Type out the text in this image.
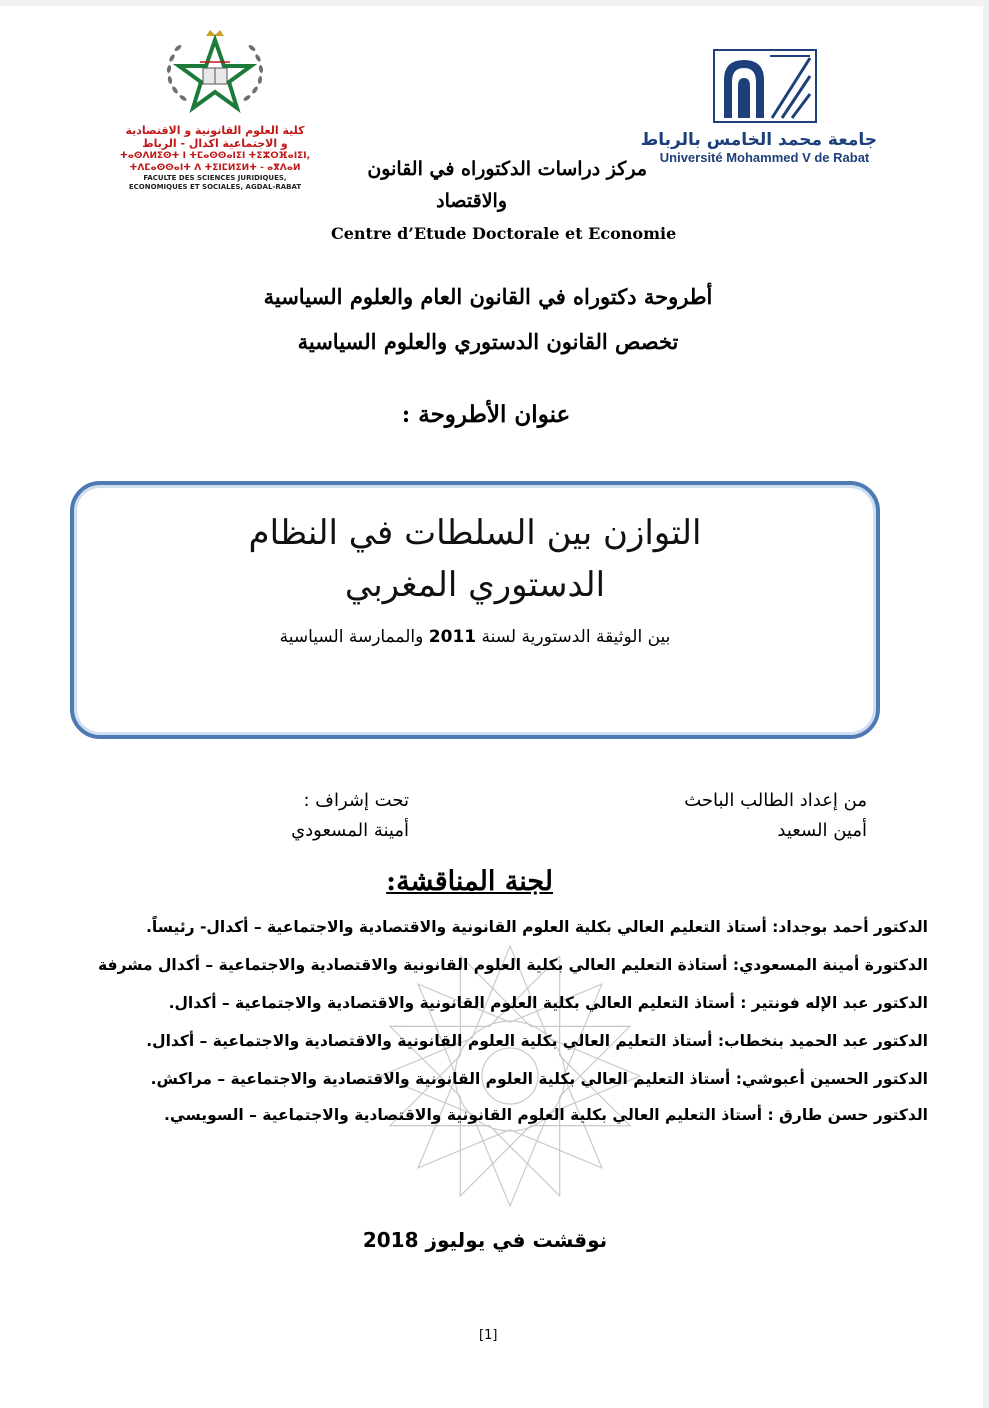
كلية العلوم القانونية و الاقتصادية
و الاجتماعية اكدال - الرباط
ⵜⴰⵙⴷⵍⵉⵙⵜ ⵏ ⵜⵎⴰⵙⵙⴰⵏⵉⵏ ⵜⵉⵣⵔⴼⴰⵏⵉⵏ,
ⵜⴷⵎⴰⵙⵙⴰⵏⵜ ⴷ ⵜⵉⵏⵎⵍⵉⵍⵜ - ⴰⴳⴷⴰⵍ
FACULTE DES SCIENCES JURIDIQUES,
ECONOMIQUES ET SOCIALES, AGDAL-RABAT
جامعة محمد الخامس بالرباط
Université Mohammed V de Rabat
مركز دراسات الدكتوراه في القانون
والاقتصاد
Centre d’Etude Doctorale et Economie
أطروحة دكتوراه في القانون العام والعلوم السياسية
تخصص القانون الدستوري والعلوم السياسية
عنوان الأطروحة :
التوازن بين السلطات في النظام
الدستوري المغربي
بين الوثيقة الدستورية لسنة 2011 والممارسة السياسية
من إعداد الطالب الباحث
أمين السعيد
تحت إشراف :
أمينة المسعودي
لجنة المناقشة:
الدكتور أحمد بوجداد: أستاذ التعليم العالي بكلية العلوم القانونية والاقتصادية والاجتماعية – أكدال- رئيساً.
الدكتورة أمينة المسعودي: أستاذة التعليم العالي بكلية العلوم القانونية والاقتصادية والاجتماعية – أكدال مشرفة
الدكتور عبد الإله فونتير : أستاذ التعليم العالي بكلية العلوم القانونية والاقتصادية والاجتماعية – أكدال.
الدكتور عبد الحميد بنخطاب: أستاذ التعليم العالي بكلية العلوم القانونية والاقتصادية والاجتماعية – أكدال.
الدكتور الحسين أعبوشي: أستاذ التعليم العالي بكلية العلوم القانونية والاقتصادية والاجتماعية – مراكش.
الدكتور حسن طارق : أستاذ التعليم العالي بكلية العلوم القانونية والاقتصادية والاجتماعية – السويسي.
نوقشت في يوليوز 2018
[1]
